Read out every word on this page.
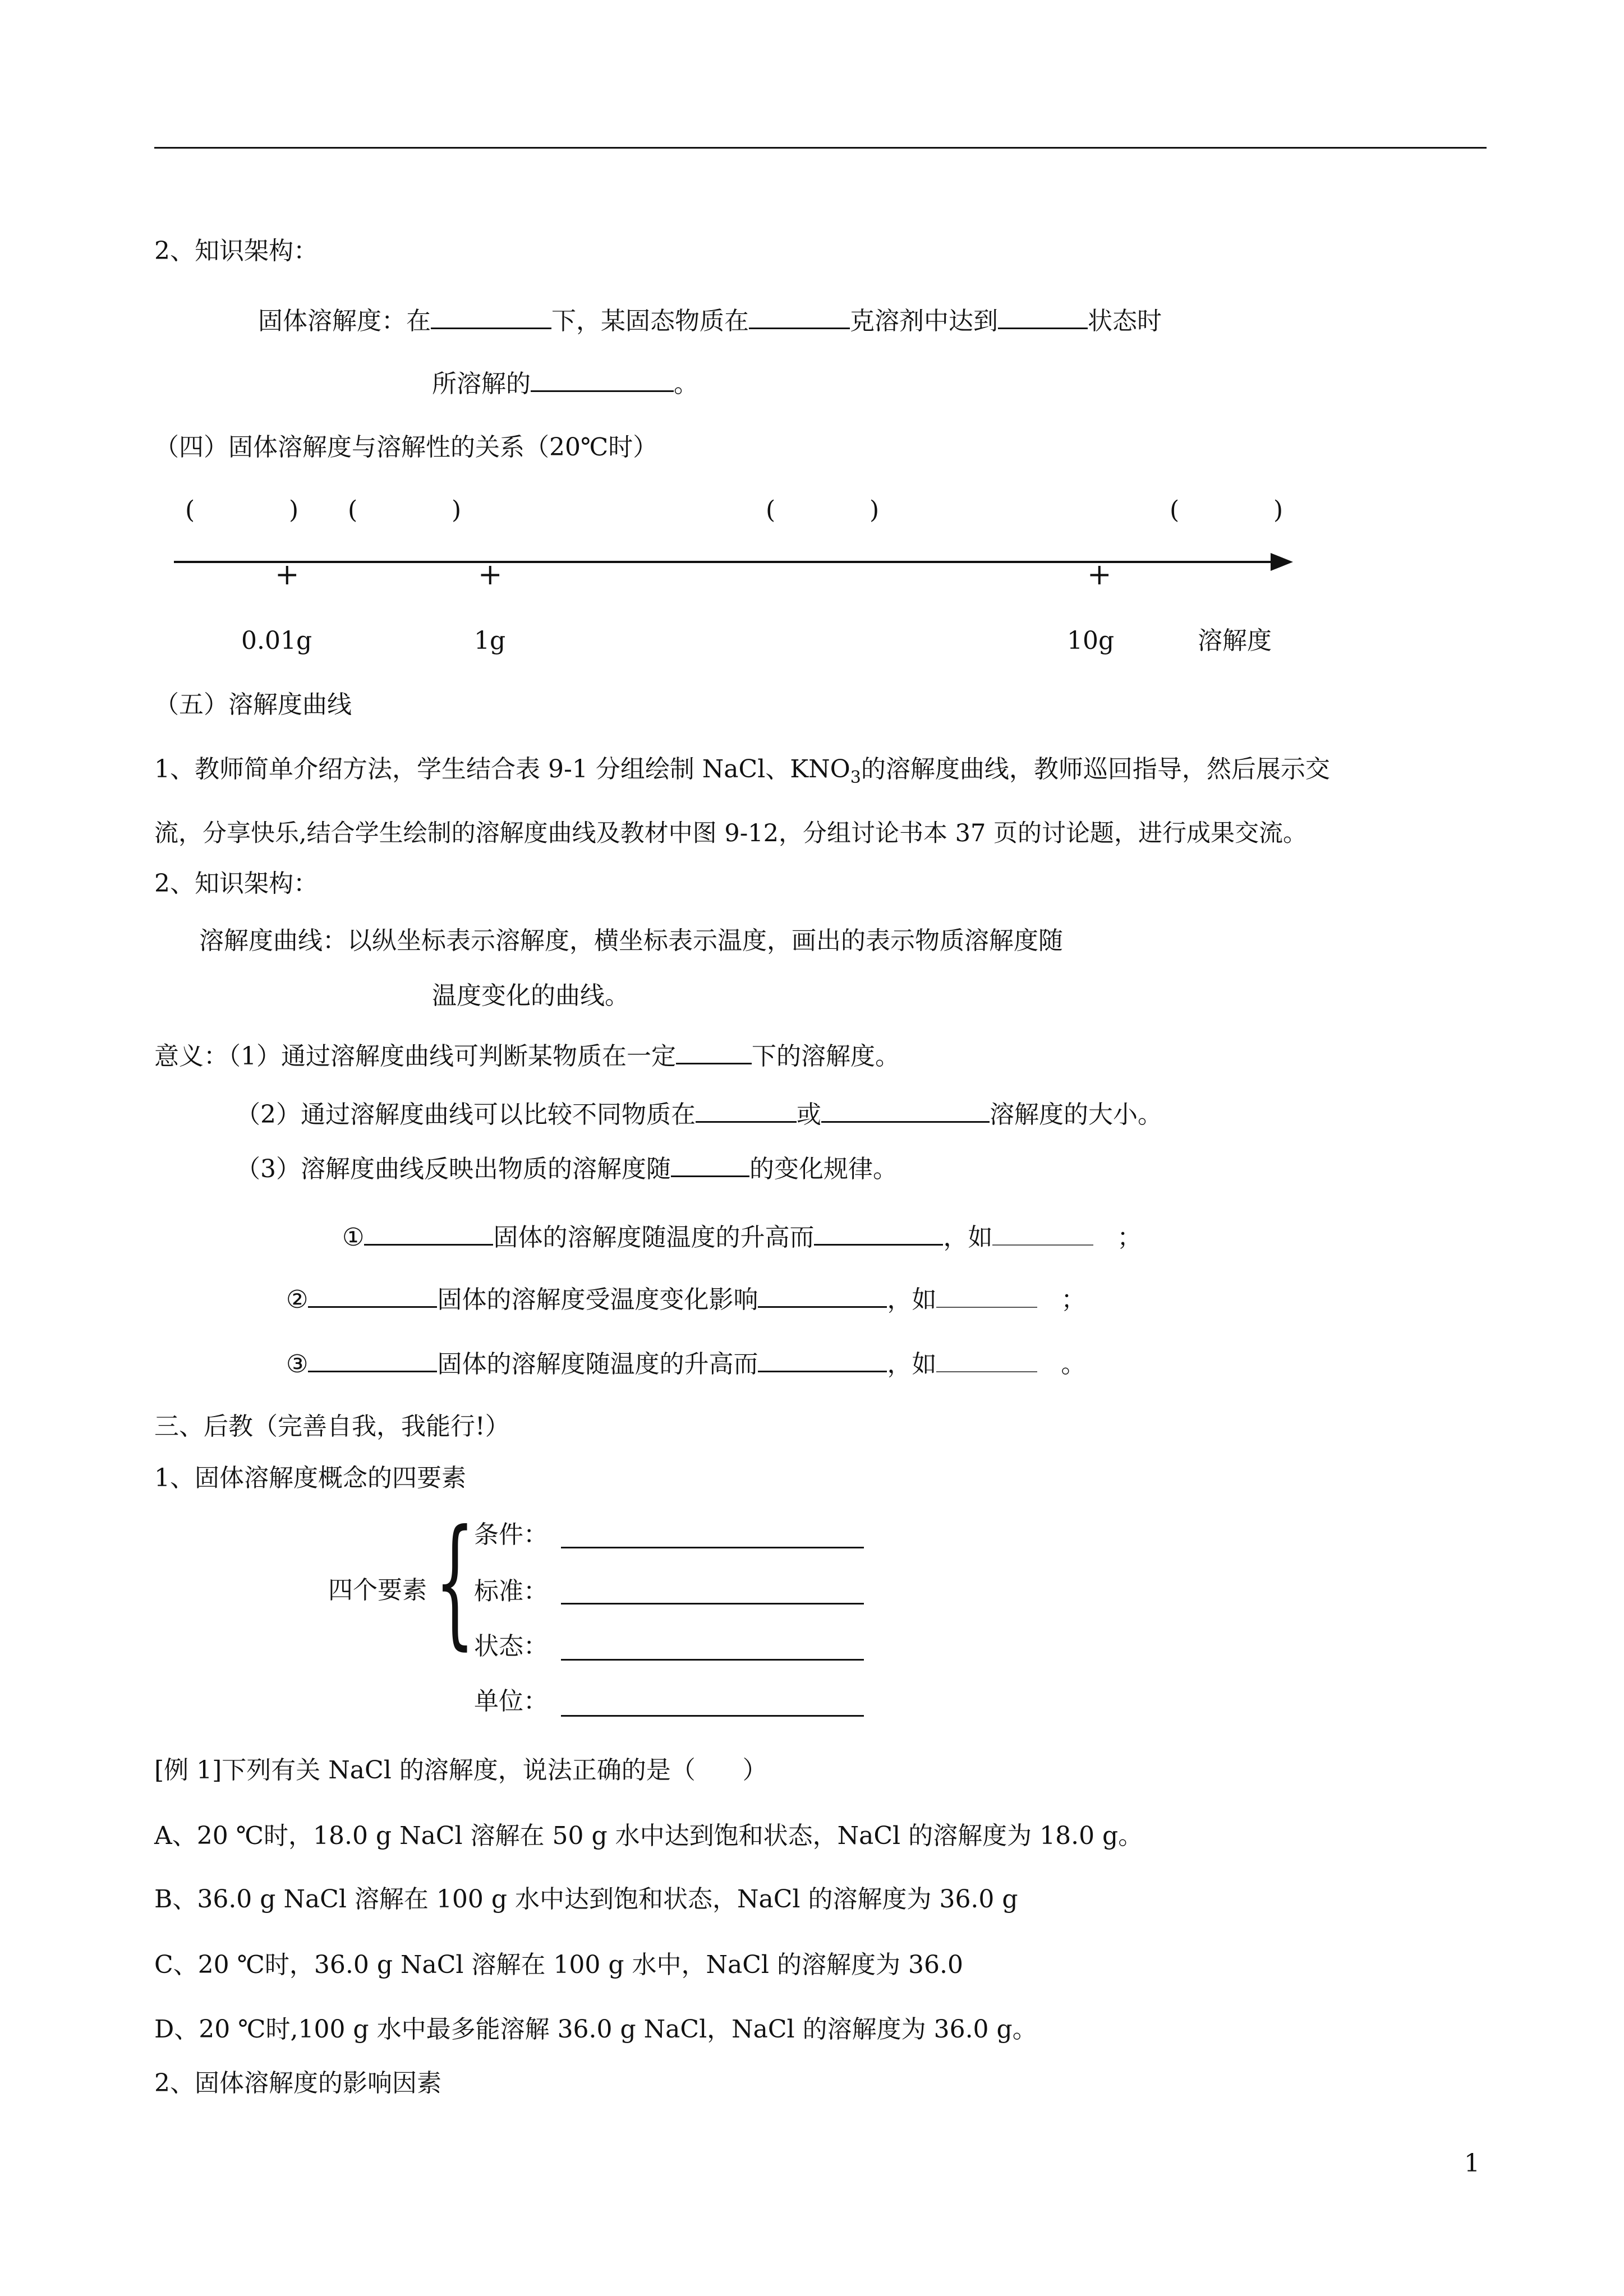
2、知识架构：
固体溶解度：在	下，某固态物质在	克溶剂中达到	状态时
所溶解的	。
（四）固体溶解度与溶解性的关系（20℃时）
(            ) (            )	(            )	(            )
+	+	+
0.01g	1g	10g	溶解度
（五）溶解度曲线
1、教师简单介绍方法，学生结合表 9-1 分组绘制 NaCl、$KNO_3$的溶解度曲线，教师巡回指导，然后展示交
流，分享快乐,结合学生绘制的溶解度曲线及教材中图 9-12，分组讨论书本 37 页的讨论题，进行成果交流。
2、知识架构：
溶解度曲线：以纵坐标表示溶解度，横坐标表示温度，画出的表示物质溶解度随
温度变化的曲线。
意义：（1）通过溶解度曲线可判断某物质在一定	下的溶解度。
（2）通过溶解度曲线可以比较不同物质在	或	溶解度的大小。
（3）溶解度曲线反映出物质的溶解度随	的变化规律。
①	固体的溶解度随温度的升高而	，如	；
②	固体的溶解度受温度变化影响	，如	；
③	固体的溶解度随温度的升高而	，如	。
三、后教（完善自我，我能行!）
1、固体溶解度概念的四要素
四个要素 {
条件：
标准：
状态：
单位：
[例 1]下列有关 NaCl 的溶解度，说法正确的是（      ）
A、20 ℃时，18.0 g NaCl 溶解在 50 g 水中达到饱和状态，NaCl 的溶解度为 18.0 g。
B、36.0 g NaCl 溶解在 100 g 水中达到饱和状态，NaCl 的溶解度为 36.0 g
C、20 ℃时，36.0 g NaCl 溶解在 100 g 水中，NaCl 的溶解度为 36.0
D、20 ℃时,100 g 水中最多能溶解 36.0 g NaCl，NaCl 的溶解度为 36.0 g。
2、固体溶解度的影响因素
1
